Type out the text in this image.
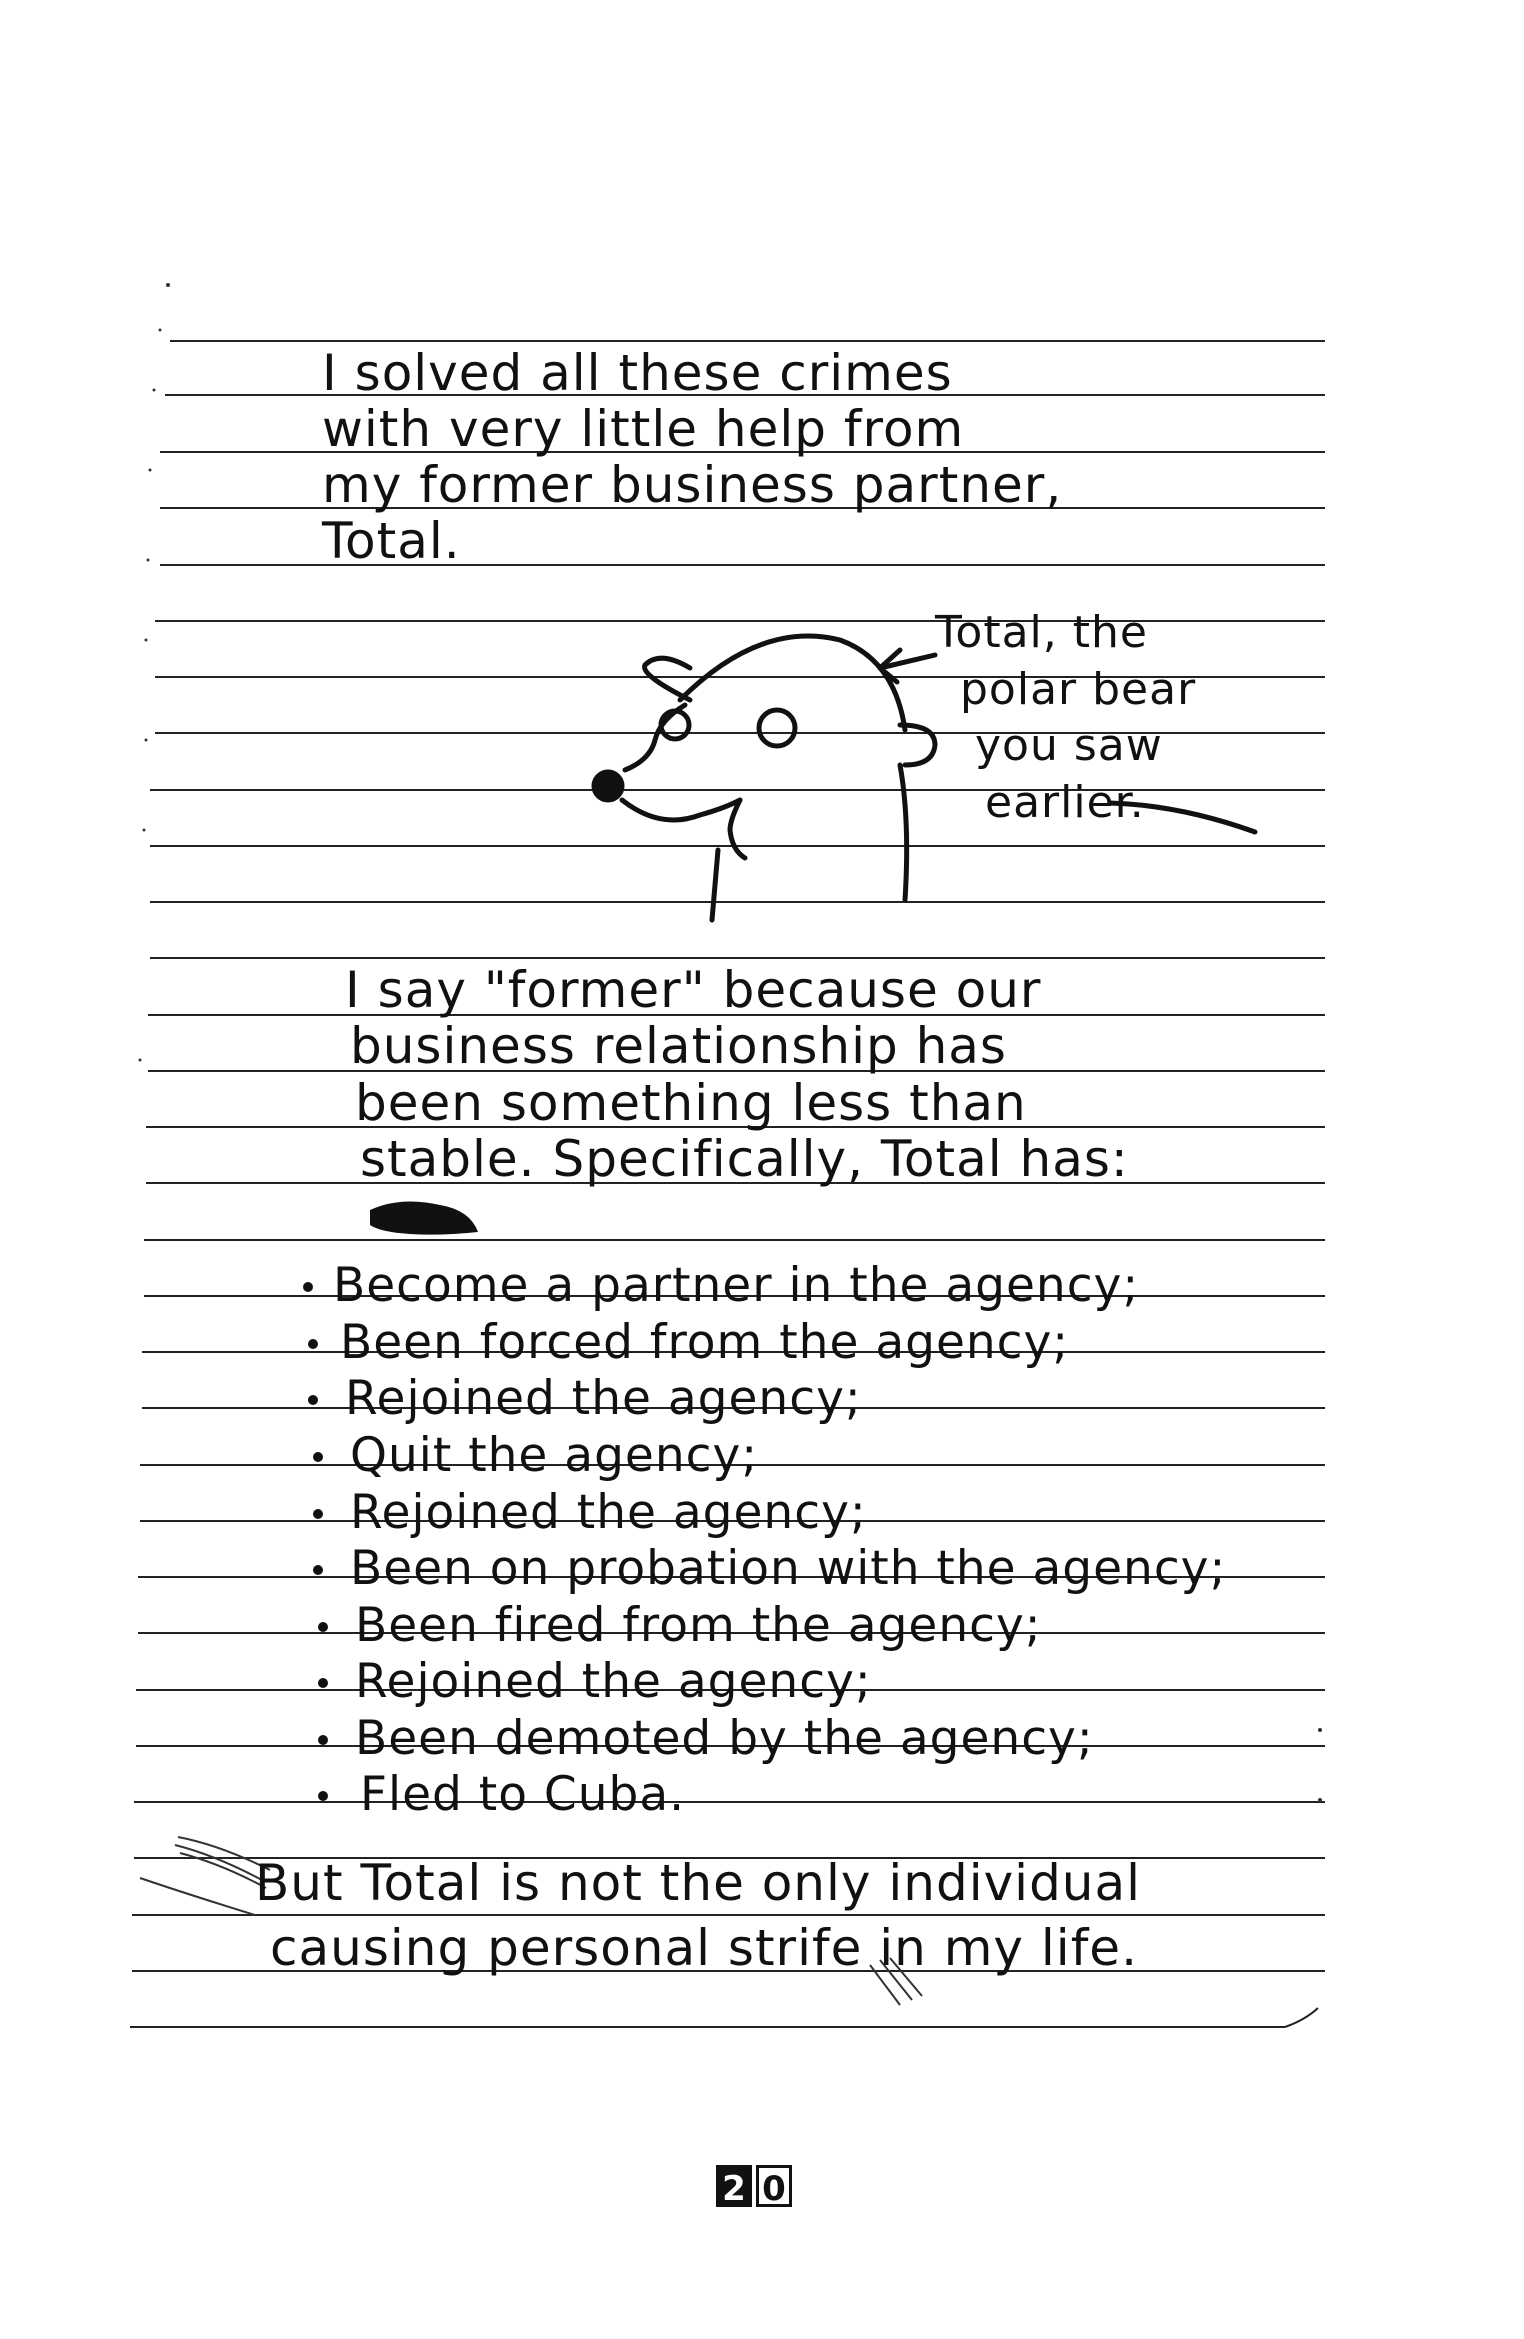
I solved all these crimes
with very little help from
my former business partner,
Total.
Total, the
polar bear
you saw
earlier.
I say "former" because our
business relationship has
been something less than
stable. Specifically, Total has:
Become a partner in the agency;
Been forced from the agency;
Rejoined the agency;
Quit the agency;
Rejoined the agency;
Been on probation with the agency;
Been fired from the agency;
Rejoined the agency;
Been demoted by the agency;
Fled to Cuba.
But Total is not the only individual
causing personal strife in my life.
2 0
